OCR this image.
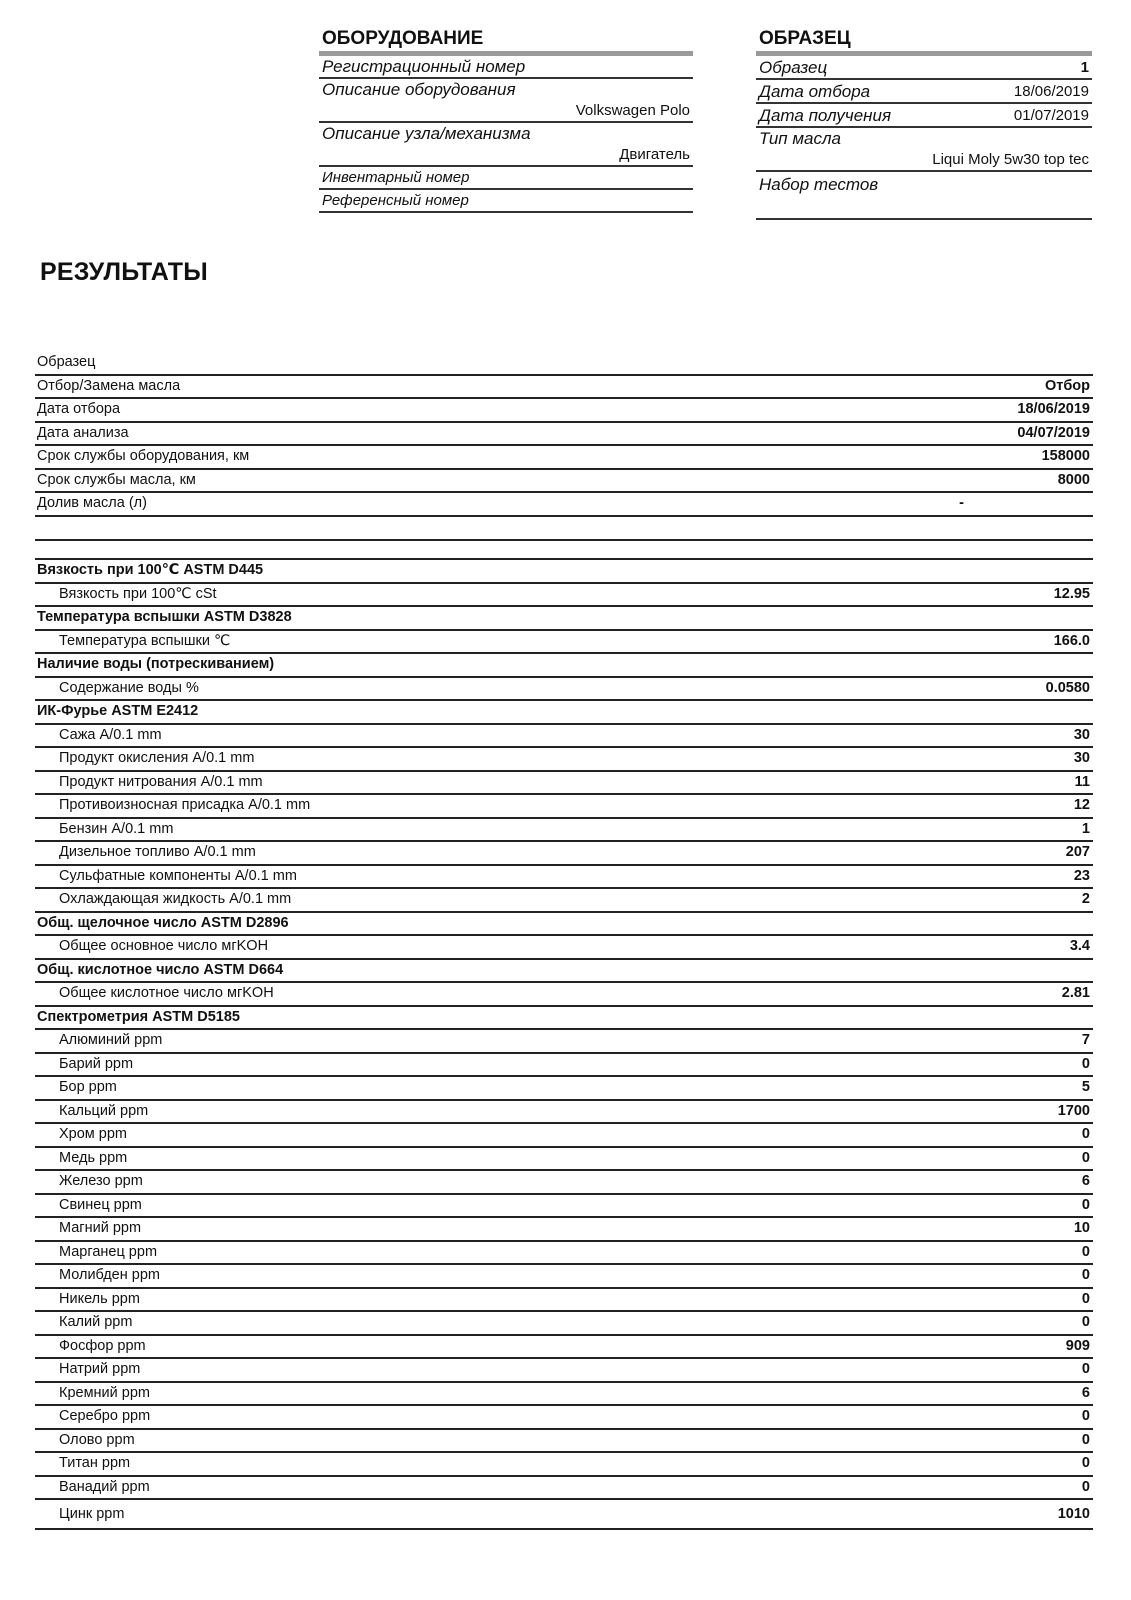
ОБОРУДОВАНИЕ
Регистрационный номер
Описание оборудования
Volkswagen Polo
Описание узла/механизма
Двигатель
Инвентарный номер
Референсный номер
ОБРАЗЕЦ
Образец	1
Дата отбора	18/06/2019
Дата получения	01/07/2019
Тип масла
Liqui Moly 5w30 top tec
Набор тестов
РЕЗУЛЬТАТЫ
Образец
Отбор/Замена масла	Отбор
Дата отбора	18/06/2019
Дата анализа	04/07/2019
Срок службы оборудования, км	158000
Срок службы масла, км	8000
Долив масла (л)	-
Вязкость при 100℃ ASTM D445
Вязкость при 100℃ cSt	12.95
Температура вспышки ASTM D3828
Температура вспышки ℃	166.0
Наличие воды (потрескиванием)
Содержание воды %	0.0580
ИК-Фурье ASTM E2412
Сажа A/0.1 mm	30
Продукт окисления A/0.1 mm	30
Продукт нитрования A/0.1 mm	11
Противоизносная присадка A/0.1 mm	12
Бензин A/0.1 mm	1
Дизельное топливо A/0.1 mm	207
Сульфатные компоненты A/0.1 mm	23
Охлаждающая жидкость A/0.1 mm	2
Общ. щелочное число ASTM D2896
Общее основное число мгKOH	3.4
Общ. кислотное число ASTM D664
Общее кислотное число мгKOH	2.81
Спектрометрия ASTM D5185
Алюминий ppm	7
Барий ppm	0
Бор ppm	5
Кальций ppm	1700
Хром ppm	0
Медь ppm	0
Железо ppm	6
Свинец ppm	0
Магний ppm	10
Марганец ppm	0
Молибден ppm	0
Никель ppm	0
Калий ppm	0
Фосфор ppm	909
Натрий ppm	0
Кремний ppm	6
Серебро ppm	0
Олово ppm	0
Титан ppm	0
Ванадий ppm	0
Цинк ppm	1010
